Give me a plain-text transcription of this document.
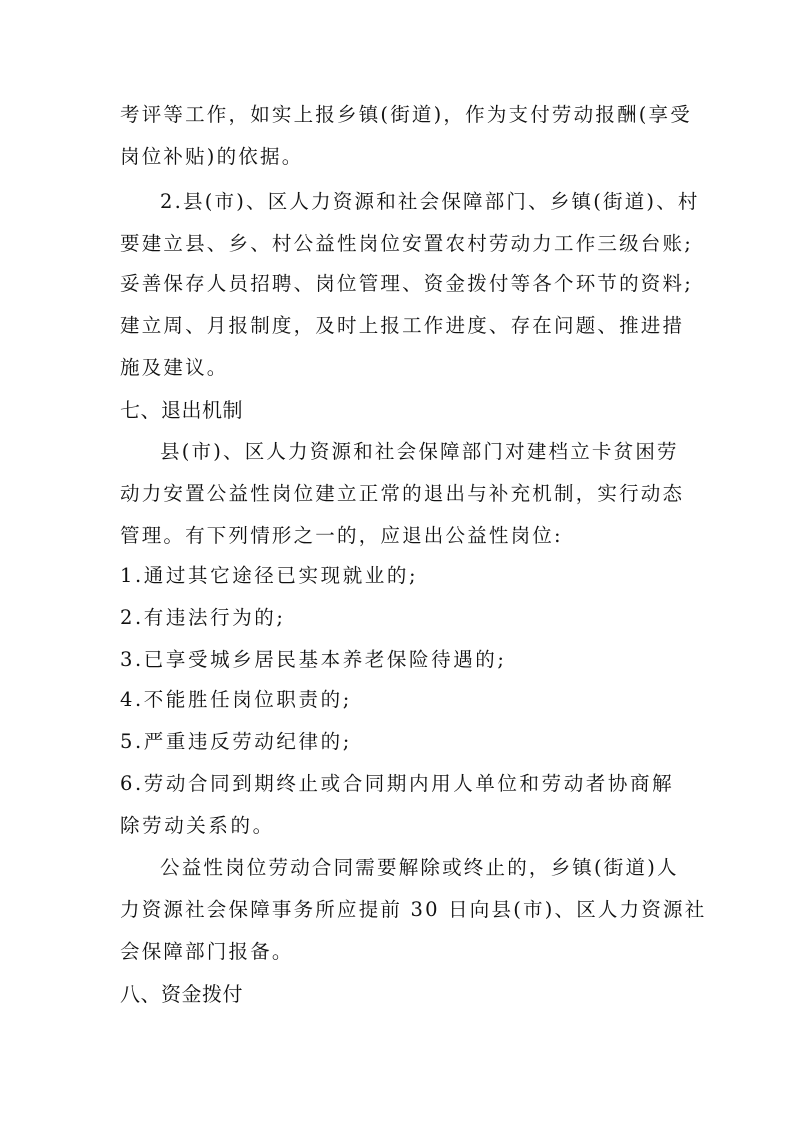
考评等工作，如实上报乡镇(街道)，作为支付劳动报酬(享受
岗位补贴)的依据。
2.县(市)、区人力资源和社会保障部门、乡镇(街道)、村
要建立县、乡、村公益性岗位安置农村劳动力工作三级台账;
妥善保存人员招聘、岗位管理、资金拨付等各个环节的资料;
建立周、月报制度，及时上报工作进度、存在问题、推进措
施及建议。
七、退出机制
县(市)、区人力资源和社会保障部门对建档立卡贫困劳
动力安置公益性岗位建立正常的退出与补充机制，实行动态
管理。有下列情形之一的，应退出公益性岗位:
1.通过其它途径已实现就业的;
2.有违法行为的;
3.已享受城乡居民基本养老保险待遇的;
4.不能胜任岗位职责的;
5.严重违反劳动纪律的;
6.劳动合同到期终止或合同期内用人单位和劳动者协商解
除劳动关系的。
公益性岗位劳动合同需要解除或终止的，乡镇(街道)人
力资源社会保障事务所应提前 30 日向县(市)、区人力资源社
会保障部门报备。
八、资金拨付
